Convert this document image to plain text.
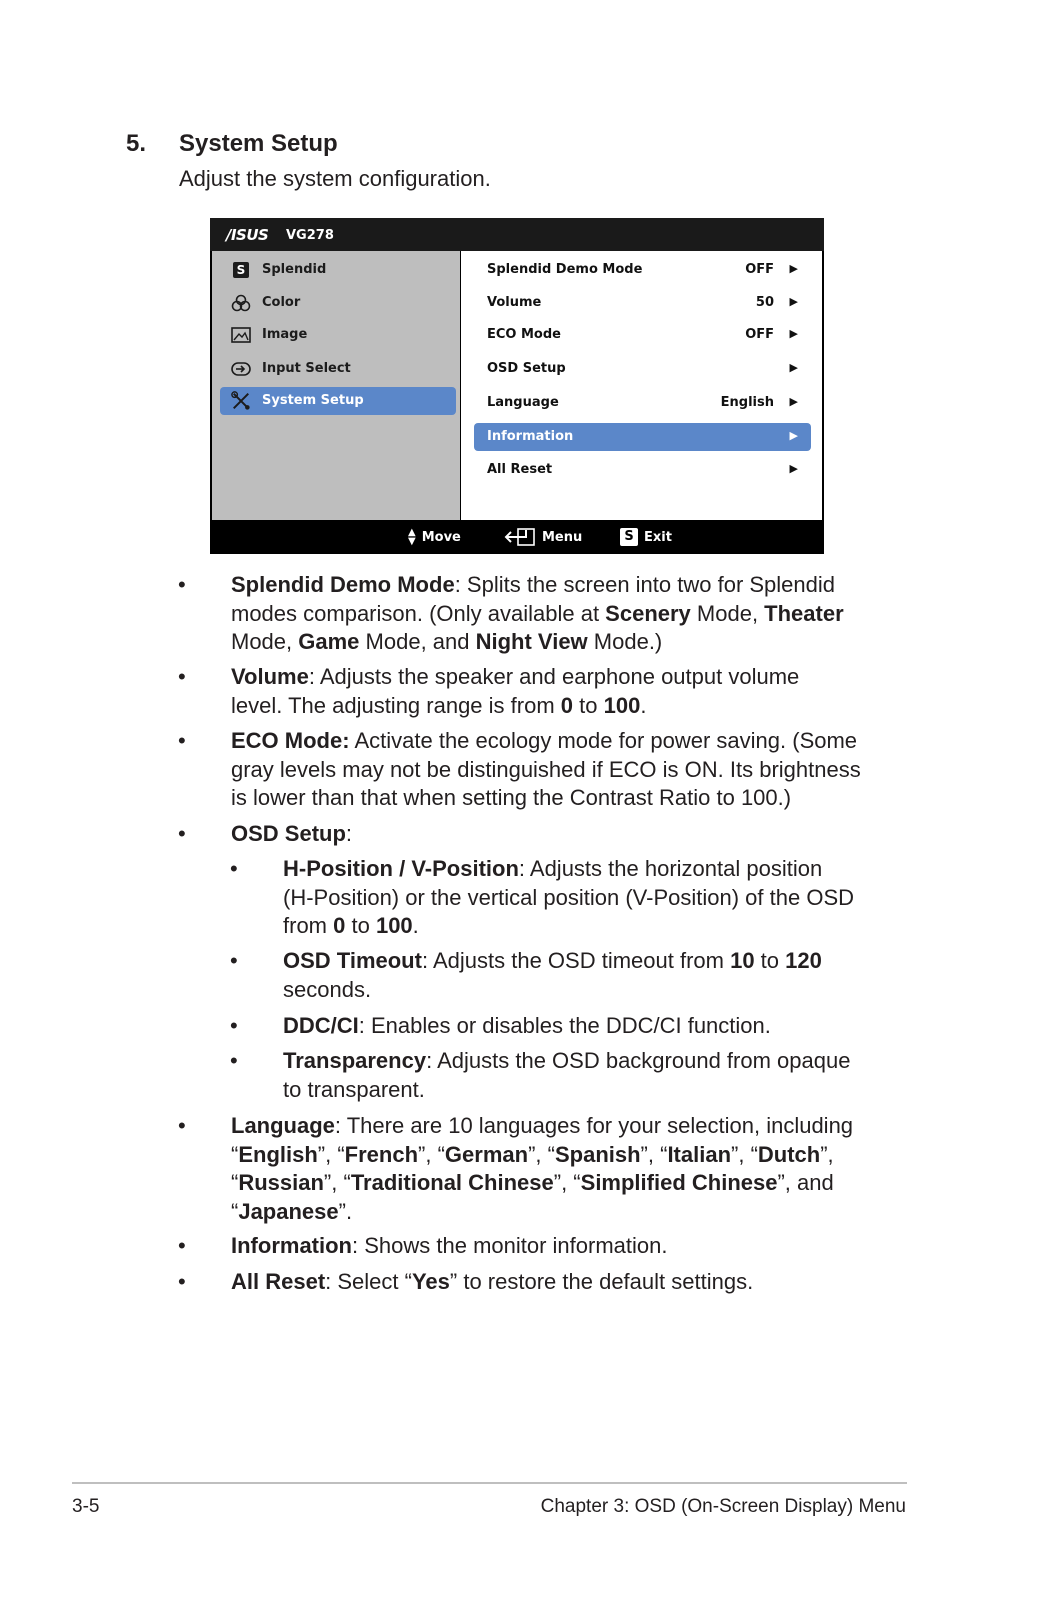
5. System Setup
Adjust the system configuration.
/ISUS VG278
S Splendid
Color
Image
Input Select
System Setup
Splendid Demo Mode	OFF ▶
Volume	50 ▶
ECO Mode	OFF ▶
OSD Setup	▶
Language	English ▶
Information	▶
All Reset	▶
▲
▼ Move	Menu	S Exit
• Splendid Demo Mode: Splits the screen into two for Splendid
modes comparison. (Only available at Scenery Mode, Theater
Mode, Game Mode, and Night View Mode.)
• Volume: Adjusts the speaker and earphone output volume
level. The adjusting range is from 0 to 100.
• ECO Mode: Activate the ecology mode for power saving. (Some
gray levels may not be distinguished if ECO is ON. Its brightness
is lower than that when setting the Contrast Ratio to 100.)
• OSD Setup:
• H-Position / V-Position: Adjusts the horizontal position
(H-Position) or the vertical position (V-Position) of the OSD
from 0 to 100.
• OSD Timeout: Adjusts the OSD timeout from 10 to 120
seconds.
• DDC/CI: Enables or disables the DDC/CI function.
• Transparency: Adjusts the OSD background from opaque
to transparent.
• Language: There are 10 languages for your selection, including
“English”, “French”, “German”, “Spanish”, “Italian”, “Dutch”,
“Russian”, “Traditional Chinese”, “Simplified Chinese”, and
“Japanese”.
• Information: Shows the monitor information.
• All Reset: Select “Yes” to restore the default settings.
3-5	Chapter 3: OSD (On-Screen Display) Menu
